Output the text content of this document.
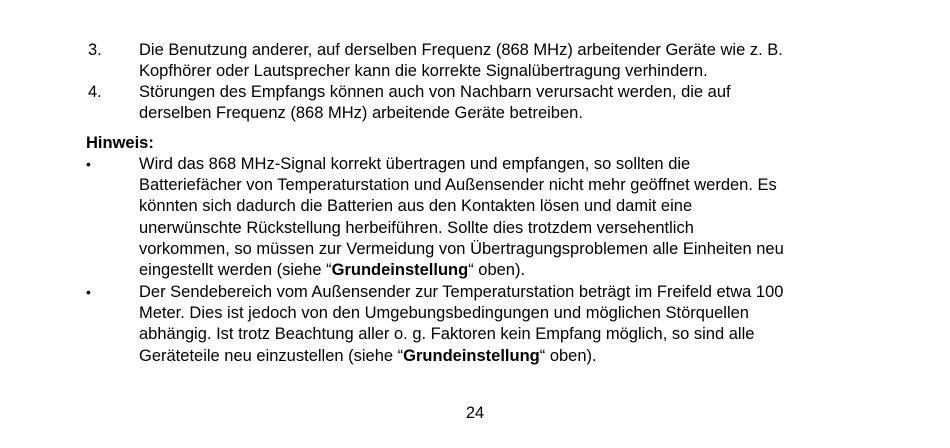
3. Die Benutzung anderer, auf derselben Frequenz (868 MHz) arbeitender Geräte wie z. B.
Kopfhörer oder Lautsprecher kann die korrekte Signalübertragung verhindern.
4. Störungen des Empfangs können auch von Nachbarn verursacht werden, die auf
derselben Frequenz (868 MHz) arbeitende Geräte betreiben.
Hinweis:
•	Wird das 868 MHz-Signal korrekt übertragen und empfangen, so sollten die
Batteriefächer von Temperaturstation und Außensender nicht mehr geöffnet werden. Es
könnten sich dadurch die Batterien aus den Kontakten lösen und damit eine
unerwünschte Rückstellung herbeiführen. Sollte dies trotzdem versehentlich
vorkommen, so müssen zur Vermeidung von Übertragungsproblemen alle Einheiten neu
eingestellt werden (siehe “Grundeinstellung“ oben).
•	Der Sendebereich vom Außensender zur Temperaturstation beträgt im Freifeld etwa 100
Meter. Dies ist jedoch von den Umgebungsbedingungen und möglichen Störquellen
abhängig. Ist trotz Beachtung aller o. g. Faktoren kein Empfang möglich, so sind alle
Geräteteile neu einzustellen (siehe “Grundeinstellung“ oben).
24
